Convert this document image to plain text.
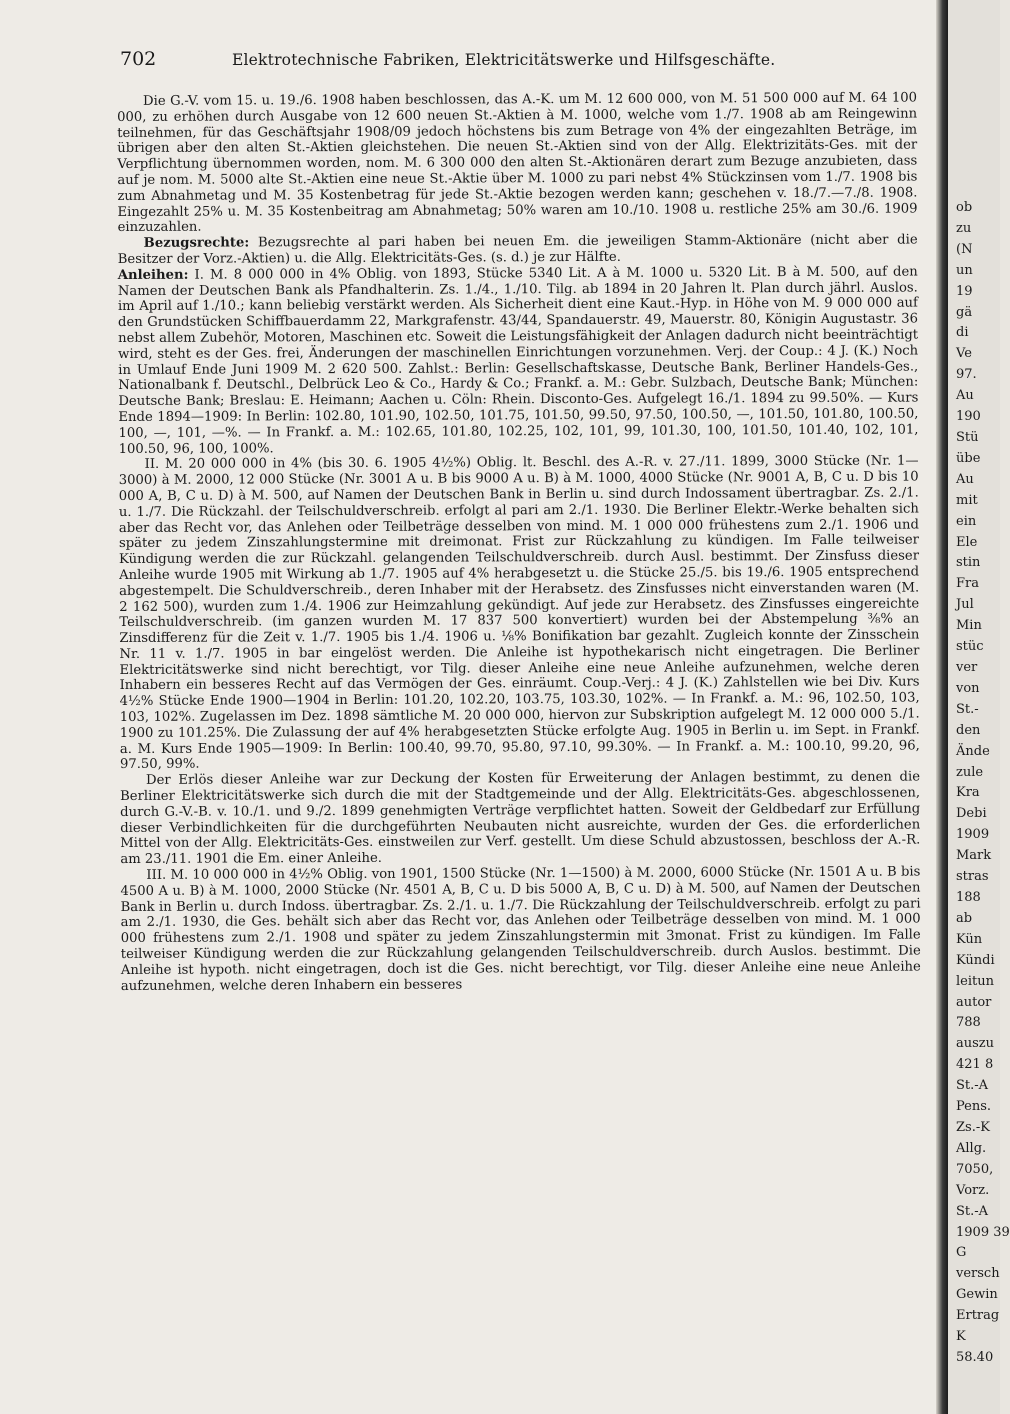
702	Elektrotechnische Fabriken, Elektricitätswerke und Hilfsgeschäfte.

Die G.-V. vom 15. u. 19./6. 1908 haben beschlossen, das A.-K. um M. 12 600 000, von M. 51 500 000 auf M. 64 100 000, zu erhöhen durch Ausgabe von 12 600 neuen St.-Aktien à M. 1000, welche vom 1./7. 1908 ab am Reingewinn teilnehmen, für das Geschäftsjahr 1908/09 jedoch höchstens bis zum Betrage von 4% der eingezahlten Beträge, im übrigen aber den alten St.-Aktien gleichstehen. Die neuen St.-Aktien sind von der Allg. Elektrizitäts-Ges. mit der Verpflichtung übernommen worden, nom. M. 6 300 000 den alten St.-Aktionären derart zum Bezuge anzubieten, dass auf je nom. M. 5000 alte St.-Aktien eine neue St.-Aktie über M. 1000 zu pari nebst 4% Stückzinsen vom 1./7. 1908 bis zum Abnahmetag und M. 35 Kostenbetrag für jede St.-Aktie bezogen werden kann; geschehen v. 18./7.—7./8. 1908. Eingezahlt 25% u. M. 35 Kostenbeitrag am Abnahmetag; 50% waren am 10./10. 1908 u. restliche 25% am 30./6. 1909 einzuzahlen.

Bezugsrechte: Bezugsrechte al pari haben bei neuen Em. die jeweiligen Stamm-Aktionäre (nicht aber die Besitzer der Vorz.-Aktien) u. die Allg. Elektricitäts-Ges. (s. d.) je zur Hälfte.

Anleihen: I. M. 8 000 000 in 4% Oblig. von 1893, Stücke 5340 Lit. A à M. 1000 u. 5320 Lit. B à M. 500, auf den Namen der Deutschen Bank als Pfandhalterin. Zs. 1./4., 1./10. Tilg. ab 1894 in 20 Jahren lt. Plan durch jährl. Auslos. im April auf 1./10.; kann beliebig verstärkt werden. Als Sicherheit dient eine Kaut.-Hyp. in Höhe von M. 9 000 000 auf den Grundstücken Schiffbauerdamm 22, Markgrafenstr. 43/44, Spandauerstr. 49, Mauerstr. 80, Königin Augustastr. 36 nebst allem Zubehör, Motoren, Maschinen etc. Soweit die Leistungsfähigkeit der Anlagen dadurch nicht beeinträchtigt wird, steht es der Ges. frei, Änderungen der maschinellen Einrichtungen vorzunehmen. Verj. der Coup.: 4 J. (K.) Noch in Umlauf Ende Juni 1909 M. 2 620 500. Zahlst.: Berlin: Gesellschaftskasse, Deutsche Bank, Berliner Handels-Ges., Nationalbank f. Deutschl., Delbrück Leo & Co., Hardy & Co.; Frankf. a. M.: Gebr. Sulzbach, Deutsche Bank; München: Deutsche Bank; Breslau: E. Heimann; Aachen u. Cöln: Rhein. Disconto-Ges. Aufgelegt 16./1. 1894 zu 99.50%. — Kurs Ende 1894—1909: In Berlin: 102.80, 101.90, 102.50, 101.75, 101.50, 99.50, 97.50, 100.50, —, 101.50, 101.80, 100.50, 100, —, 101, —%. — In Frankf. a. M.: 102.65, 101.80, 102.25, 102, 101, 99, 101.30, 100, 101.50, 101.40, 102, 101, 100.50, 96, 100, 100%.

II. M. 20 000 000 in 4% (bis 30. 6. 1905 4½%) Oblig. lt. Beschl. des A.-R. v. 27./11. 1899, 3000 Stücke (Nr. 1—3000) à M. 2000, 12 000 Stücke (Nr. 3001 A u. B bis 9000 A u. B) à M. 1000, 4000 Stücke (Nr. 9001 A, B, C u. D bis 10 000 A, B, C u. D) à M. 500, auf Namen der Deutschen Bank in Berlin u. sind durch Indossament übertragbar. Zs. 2./1. u. 1./7. Die Rückzahl. der Teilschuldverschreib. erfolgt al pari am 2./1. 1930. Die Berliner Elektr.-Werke behalten sich aber das Recht vor, das Anlehen oder Teilbeträge desselben von mind. M. 1 000 000 frühestens zum 2./1. 1906 und später zu jedem Zinszahlungstermine mit dreimonat. Frist zur Rückzahlung zu kündigen. Im Falle teilweiser Kündigung werden die zur Rückzahl. gelangenden Teilschuldverschreib. durch Ausl. bestimmt. Der Zinsfuss dieser Anleihe wurde 1905 mit Wirkung ab 1./7. 1905 auf 4% herabgesetzt u. die Stücke 25./5. bis 19./6. 1905 entsprechend abgestempelt. Die Schuldverschreib., deren Inhaber mit der Herabsetz. des Zinsfusses nicht einverstanden waren (M. 2 162 500), wurden zum 1./4. 1906 zur Heimzahlung gekündigt. Auf jede zur Herabsetz. des Zinsfusses eingereichte Teilschuldverschreib. (im ganzen wurden M. 17 837 500 konvertiert) wurden bei der Abstempelung ⅜% an Zinsdifferenz für die Zeit v. 1./7. 1905 bis 1./4. 1906 u. ⅛% Bonifikation bar gezahlt. Zugleich konnte der Zinsschein Nr. 11 v. 1./7. 1905 in bar eingelöst werden. Die Anleihe ist hypothekarisch nicht eingetragen. Die Berliner Elektricitätswerke sind nicht berechtigt, vor Tilg. dieser Anleihe eine neue Anleihe aufzunehmen, welche deren Inhabern ein besseres Recht auf das Vermögen der Ges. einräumt. Coup.-Verj.: 4 J. (K.) Zahlstellen wie bei Div. Kurs 4½% Stücke Ende 1900—1904 in Berlin: 101.20, 102.20, 103.75, 103.30, 102%. — In Frankf. a. M.: 96, 102.50, 103, 103, 102%. Zugelassen im Dez. 1898 sämtliche M. 20 000 000, hiervon zur Subskription aufgelegt M. 12 000 000 5./1. 1900 zu 101.25%. Die Zulassung der auf 4% herabgesetzten Stücke erfolgte Aug. 1905 in Berlin u. im Sept. in Frankf. a. M. Kurs Ende 1905—1909: In Berlin: 100.40, 99.70, 95.80, 97.10, 99.30%. — In Frankf. a. M.: 100.10, 99.20, 96, 97.50, 99%.

Der Erlös dieser Anleihe war zur Deckung der Kosten für Erweiterung der Anlagen bestimmt, zu denen die Berliner Elektricitätswerke sich durch die mit der Stadtgemeinde und der Allg. Elektricitäts-Ges. abgeschlossenen, durch G.-V.-B. v. 10./1. und 9./2. 1899 genehmigten Verträge verpflichtet hatten. Soweit der Geldbedarf zur Erfüllung dieser Verbindlichkeiten für die durchgeführten Neubauten nicht ausreichte, wurden der Ges. die erforderlichen Mittel von der Allg. Elektricitäts-Ges. einstweilen zur Verf. gestellt. Um diese Schuld abzustossen, beschloss der A.-R. am 23./11. 1901 die Em. einer Anleihe.

III. M. 10 000 000 in 4½% Oblig. von 1901, 1500 Stücke (Nr. 1—1500) à M. 2000, 6000 Stücke (Nr. 1501 A u. B bis 4500 A u. B) à M. 1000, 2000 Stücke (Nr. 4501 A, B, C u. D bis 5000 A, B, C u. D) à M. 500, auf Namen der Deutschen Bank in Berlin u. durch Indoss. übertragbar. Zs. 2./1. u. 1./7. Die Rückzahlung der Teilschuldverschreib. erfolgt zu pari am 2./1. 1930, die Ges. behält sich aber das Recht vor, das Anlehen oder Teilbeträge desselben von mind. M. 1 000 000 frühestens zum 2./1. 1908 und später zu jedem Zinszahlungstermin mit 3monat. Frist zu kündigen. Im Falle teilweiser Kündigung werden die zur Rückzahlung gelangenden Teilschuldverschreib. durch Auslos. bestimmt. Die Anleihe ist hypoth. nicht eingetragen, doch ist die Ges. nicht berechtigt, vor Tilg. dieser Anleihe eine neue Anleihe aufzunehmen, welche deren Inhabern ein besseres

ob
zu
(N
un
19
gä
di
Ve
97.
Au
190
Stü
übe
Au
mit
ein
Ele
stin
Fra
Jul
Min
stüc
ver
von
St.-
den
Ände
zule
Kra
Debi
1909
Mark
stras
188
ab
Kün
Kündi
leitun
autor
788
auszu
421 8
St.-A
Pens.
Zs.-K
Allg.
7050,
Vorz.
St.-A
1909 39
G
versch
Gewin
Ertrag
K
58.40
